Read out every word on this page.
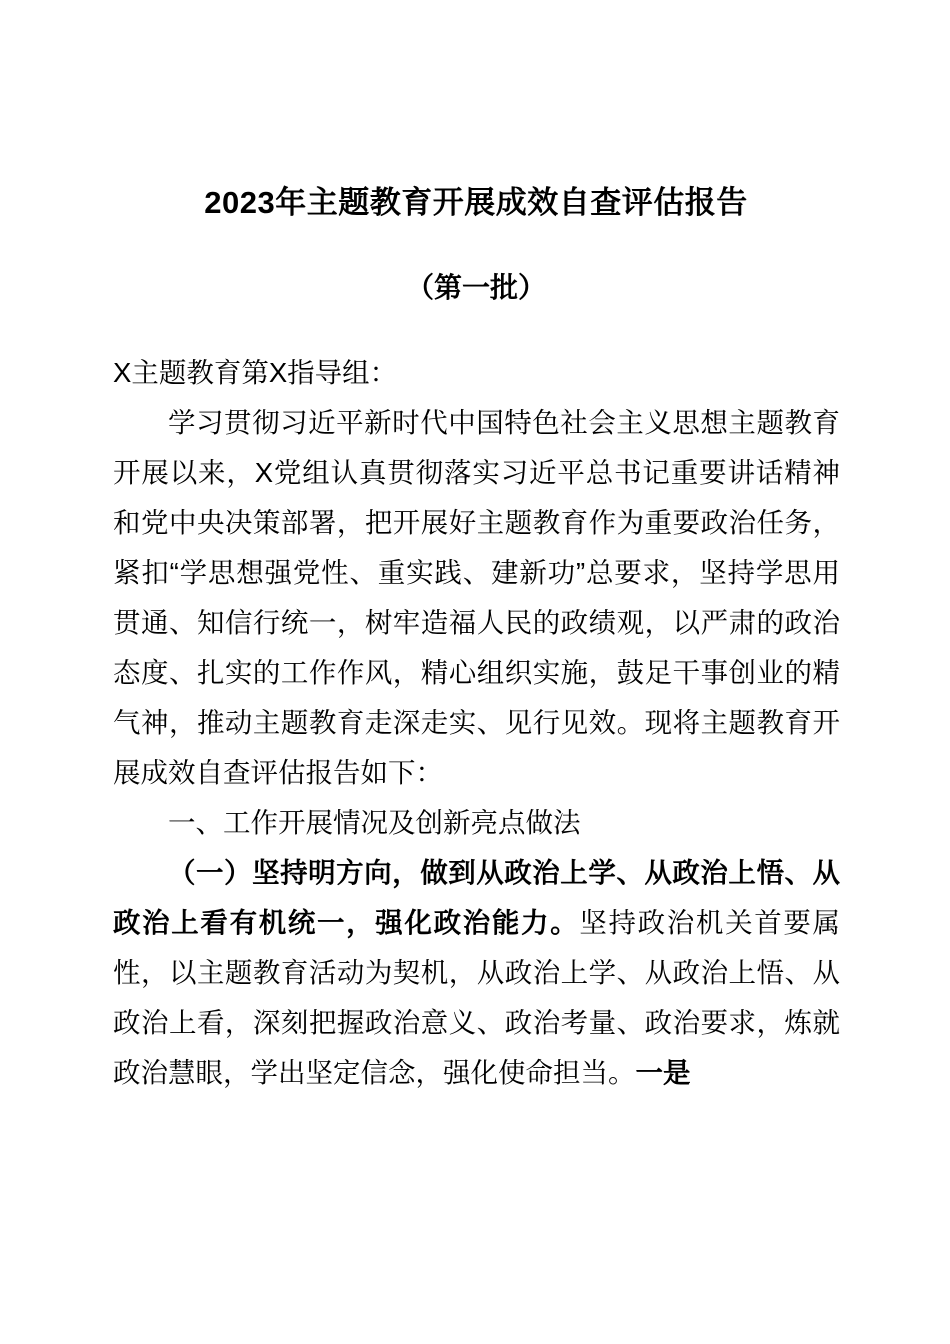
2023年主题教育开展成效自查评估报告
（第一批）

X主题教育第X指导组：

学习贯彻习近平新时代中国特色社会主义思想主题教育开展以来，X党组认真贯彻落实习近平总书记重要讲话精神和党中央决策部署，把开展好主题教育作为重要政治任务，紧扣“学思想强党性、重实践、建新功”总要求，坚持学思用贯通、知信行统一，树牢造福人民的政绩观，以严肃的政治态度、扎实的工作作风，精心组织实施，鼓足干事创业的精气神，推动主题教育走深走实、见行见效。现将主题教育开展成效自查评估报告如下：

一、工作开展情况及创新亮点做法

（一）坚持明方向，做到从政治上学、从政治上悟、从政治上看有机统一，强化政治能力。坚持政治机关首要属性，以主题教育活动为契机，从政治上学、从政治上悟、从政治上看，深刻把握政治意义、政治考量、政治要求，炼就政治慧眼，学出坚定信念，强化使命担当。一是
